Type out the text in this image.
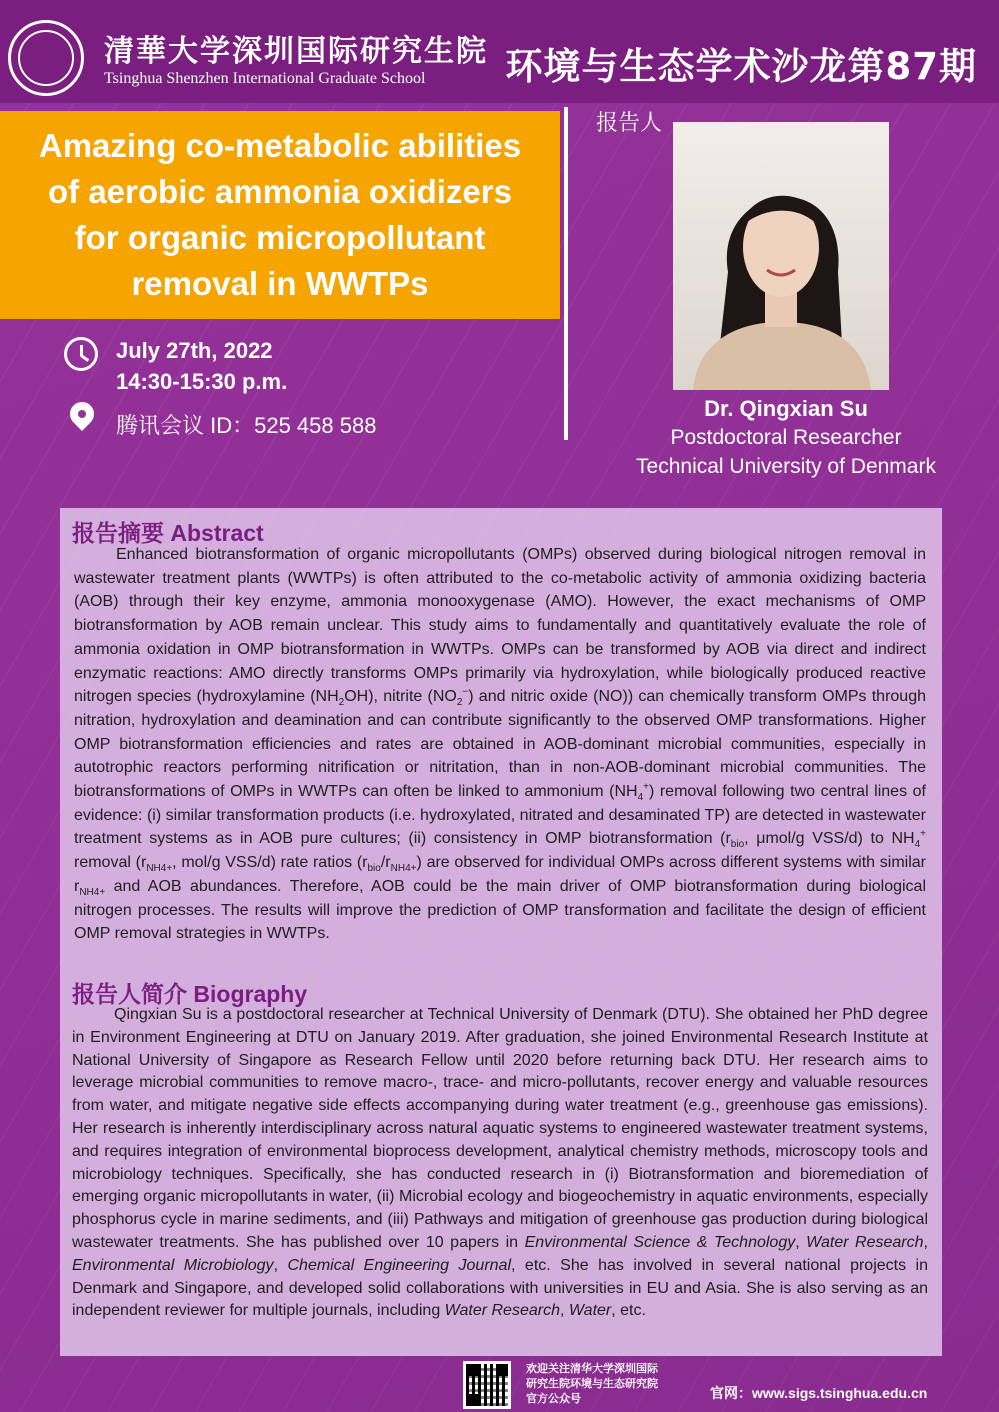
清華大学深圳国际研究生院
Tsinghua Shenzhen International Graduate School 环境与生态学术沙龙第87期
Amazing co-metabolic abilities of aerobic ammonia oxidizers for organic micropollutant removal in WWTPs
报告人
July 27th, 2022
14:30-15:30 p.m.
腾讯会议 ID：525 458 588
Dr. Qingxian Su
Postdoctoral Researcher
Technical University of Denmark
报告摘要 Abstract

Enhanced biotransformation of organic micropollutants (OMPs) observed during biological nitrogen removal in wastewater treatment plants (WWTPs) is often attributed to the co-metabolic activity of ammonia oxidizing bacteria (AOB) through their key enzyme, ammonia monooxygenase (AMO). However, the exact mechanisms of OMP biotransformation by AOB remain unclear. This study aims to fundamentally and quantitatively evaluate the role of ammonia oxidation in OMP biotransformation in WWTPs. OMPs can be transformed by AOB via direct and indirect enzymatic reactions: AMO directly transforms OMPs primarily via hydroxylation, while biologically produced reactive nitrogen species (hydroxylamine $(NH_2OH)$, nitrite $(NO_2^-)$ and nitric oxide (NO)) can chemically transform OMPs through nitration, hydroxylation and deamination and can contribute significantly to the observed OMP transformations. Higher OMP biotransformation efficiencies and rates are obtained in AOB-dominant microbial communities, especially in autotrophic reactors performing nitrification or nitritation, than in non-AOB-dominant microbial communities. The biotransformations of OMPs in WWTPs can often be linked to ammonium $(NH_4^+)$ removal following two central lines of evidence: (i) similar transformation products (i.e. hydroxylated, nitrated and desaminated TP) are detected in wastewater treatment systems as in AOB pure cultures; (ii) consistency in OMP biotransformation ($r_{bio}$, μmol/g VSS/d) to $NH_4^+$ removal ($r_{NH4+}$, mol/g VSS/d) rate ratios $(r_{bio}/r_{NH4+})$ are observed for individual OMPs across different systems with similar $r_{NH4+}$ and AOB abundances. Therefore, AOB could be the main driver of OMP biotransformation during biological nitrogen processes. The results will improve the prediction of OMP transformation and facilitate the design of efficient OMP removal strategies in WWTPs.

报告人简介 Biography

Qingxian Su is a postdoctoral researcher at Technical University of Denmark (DTU). She obtained her PhD degree in Environment Engineering at DTU on January 2019. After graduation, she joined Environmental Research Institute at National University of Singapore as Research Fellow until 2020 before returning back DTU. Her research aims to leverage microbial communities to remove macro-, trace- and micro-pollutants, recover energy and valuable resources from water, and mitigate negative side effects accompanying during water treatment (e.g., greenhouse gas emissions). Her research is inherently interdisciplinary across natural aquatic systems to engineered wastewater treatment systems, and requires integration of environmental bioprocess development, analytical chemistry methods, microscopy tools and microbiology techniques. Specifically, she has conducted research in (i) Biotransformation and bioremediation of emerging organic micropollutants in water, (ii) Microbial ecology and biogeochemistry in aquatic environments, especially phosphorus cycle in marine sediments, and (iii) Pathways and mitigation of greenhouse gas production during biological wastewater treatments. She has published over 10 papers in Environmental Science & Technology, Water Research, Environmental Microbiology, Chemical Engineering Journal, etc. She has involved in several national projects in Denmark and Singapore, and developed solid collaborations with universities in EU and Asia. She is also serving as an independent reviewer for multiple journals, including Water Research, Water, etc.

欢迎关注清华大学深圳国际研究生院环境与生态研究院官方公众号	官网：www.sigs.tsinghua.edu.cn
